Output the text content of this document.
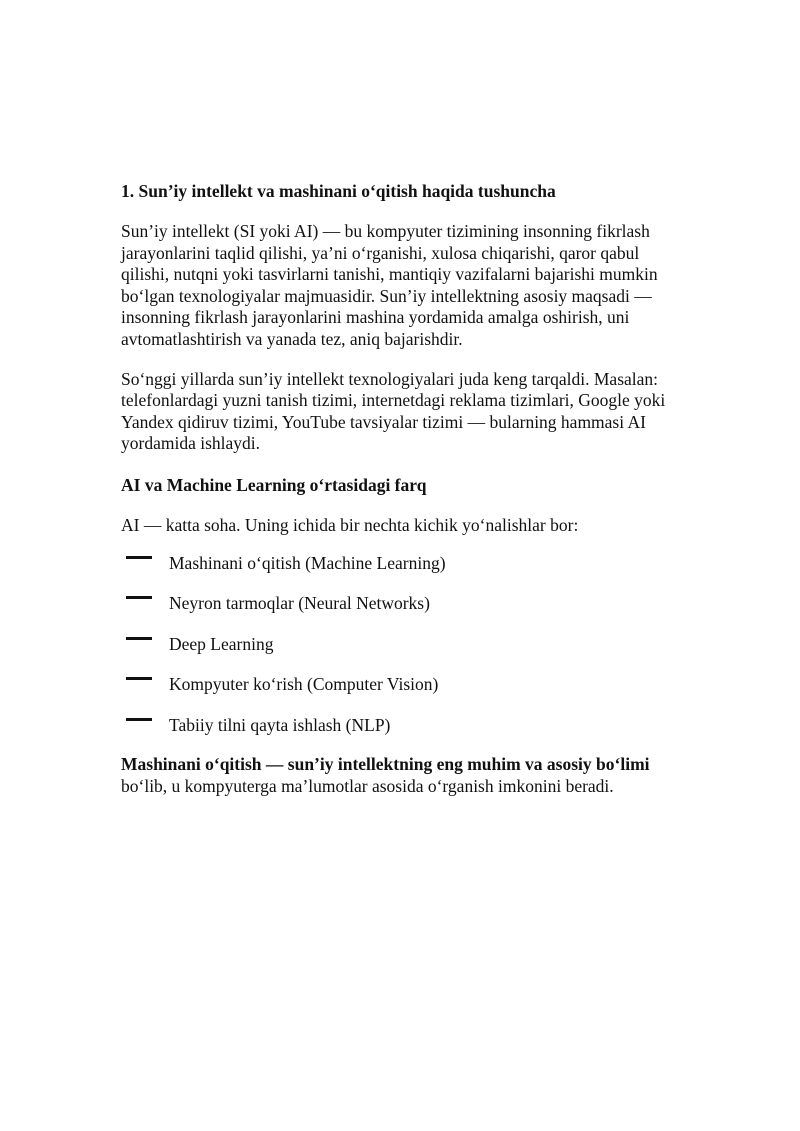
1. Sun’iy intellekt va mashinani o‘qitish haqida tushuncha

Sun’iy intellekt (SI yoki AI) — bu kompyuter tizimining insonning fikrlash jarayonlarini taqlid qilishi, ya’ni o‘rganishi, xulosa chiqarishi, qaror qabul qilishi, nutqni yoki tasvirlarni tanishi, mantiqiy vazifalarni bajarishi mumkin bo‘lgan texnologiyalar majmuasidir. Sun’iy intellektning asosiy maqsadi — insonning fikrlash jarayonlarini mashina yordamida amalga oshirish, uni avtomatlashtirish va yanada tez, aniq bajarishdir.

So‘nggi yillarda sun’iy intellekt texnologiyalari juda keng tarqaldi. Masalan: telefonlardagi yuzni tanish tizimi, internetdagi reklama tizimlari, Google yoki Yandex qidiruv tizimi, YouTube tavsiyalar tizimi — bularning hammasi AI yordamida ishlaydi.

AI va Machine Learning o‘rtasidagi farq

AI — katta soha. Uning ichida bir nechta kichik yo‘nalishlar bor:

Mashinani o‘qitish (Machine Learning)
Neyron tarmoqlar (Neural Networks)
Deep Learning
Kompyuter ko‘rish (Computer Vision)
Tabiiy tilni qayta ishlash (NLP)

Mashinani o‘qitish — sun’iy intellektning eng muhim va asosiy bo‘limi bo‘lib, u kompyuterga ma’lumotlar asosida o‘rganish imkonini beradi.
